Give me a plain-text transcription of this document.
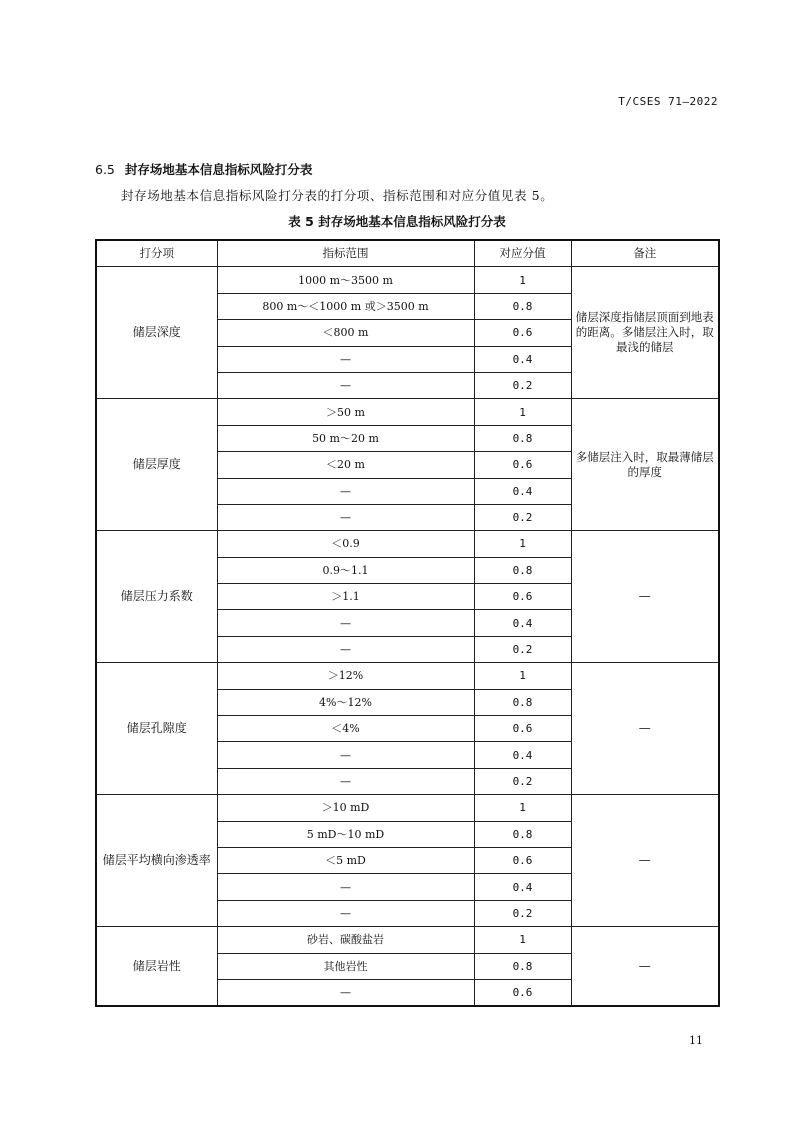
T/CSES 71—2022
6.5 封存场地基本信息指标风险打分表
封存场地基本信息指标风险打分表的打分项、指标范围和对应分值见表 5。
表 5 封存场地基本信息指标风险打分表
打分项	指标范围	对应分值	备注
储层深度	1000 m～3500 m	1	储层深度指储层顶面到地表的距离。多储层注入时，取最浅的储层
	800 m～＜1000 m 或＞3500 m	0.8	
	＜800 m	0.6	
	—	0.4	
	—	0.2	
储层厚度	＞50 m	1	多储层注入时，取最薄储层的厚度
	50 m～20 m	0.8	
	＜20 m	0.6	
	—	0.4	
	—	0.2	
储层压力系数	＜0.9	1	—
	0.9～1.1	0.8	
	＞1.1	0.6	
	—	0.4	
	—	0.2	
储层孔隙度	＞12%	1	—
	4%～12%	0.8	
	＜4%	0.6	
	—	0.4	
	—	0.2	
储层平均横向渗透率	＞10 mD	1	—
	5 mD～10 mD	0.8	
	＜5 mD	0.6	
	—	0.4	
	—	0.2	
储层岩性	砂岩、碳酸盐岩	1	—
	其他岩性	0.8	
	—	0.6	
11
